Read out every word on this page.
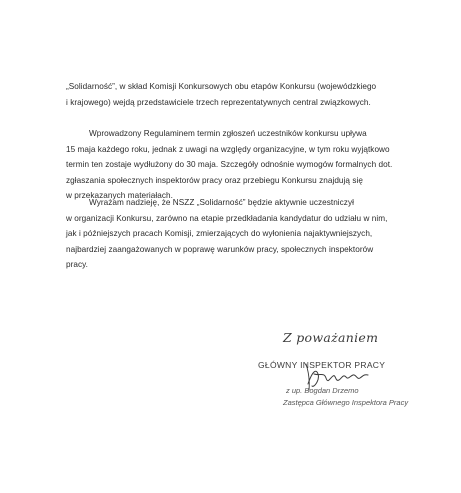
„Solidarność”, w skład Komisji Konkursowych obu etapów Konkursu (wojewódzkiego

i krajowego) wejdą przedstawiciele trzech reprezentatywnych central związkowych.

Wprowadzony Regulaminem termin zgłoszeń uczestników konkursu upływa

15 maja każdego roku, jednak z uwagi na względy organizacyjne, w tym roku wyjątkowo

termin ten zostaje wydłużony do 30 maja. Szczegóły odnośnie wymogów formalnych dot.

zgłaszania społecznych inspektorów pracy oraz przebiegu Konkursu znajdują się

w przekazanych materiałach.

Wyrażam nadzieję, że NSZZ „Solidarność” będzie aktywnie uczestniczył

w organizacji Konkursu, zarówno na etapie przedkładania kandydatur do udziału w nim,

jak i późniejszych pracach Komisji, zmierzających do wyłonienia najaktywniejszych,

najbardziej zaangażowanych w poprawę warunków pracy, społecznych inspektorów

pracy.

Z poważaniem
GŁÓWNY INSPEKTOR PRACY
z up. Bogdan Drzemo
Zastępca Głównego Inspektora Pracy
